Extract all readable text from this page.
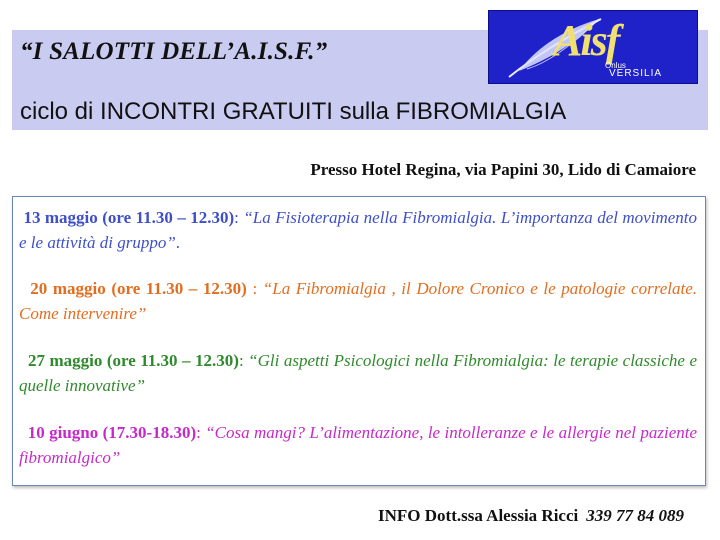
“I SALOTTI DELL’A.I.S.F.”
ciclo di INCONTRI GRATUITI sulla FIBROMIALGIA
Aisf
Onlus
VERSILIA
Presso Hotel Regina, via Papini 30, Lido di Camaiore
13 maggio (ore 11.30 – 12.30): “La Fisioterapia nella Fibromialgia. L’importanza del movimento e le attività di gruppo”.
20 maggio (ore 11.30 – 12.30) : “La Fibromialgia , il Dolore Cronico e le patologie correlate. Come intervenire”
27 maggio (ore 11.30 – 12.30): “Gli aspetti Psicologici nella Fibromialgia: le terapie classiche e quelle innovative”
10 giugno (17.30-18.30): “Cosa mangi? L’alimentazione, le intolleranze e le allergie nel paziente fibromialgico”
INFO Dott.ssa Alessia Ricci 339 77 84 089
